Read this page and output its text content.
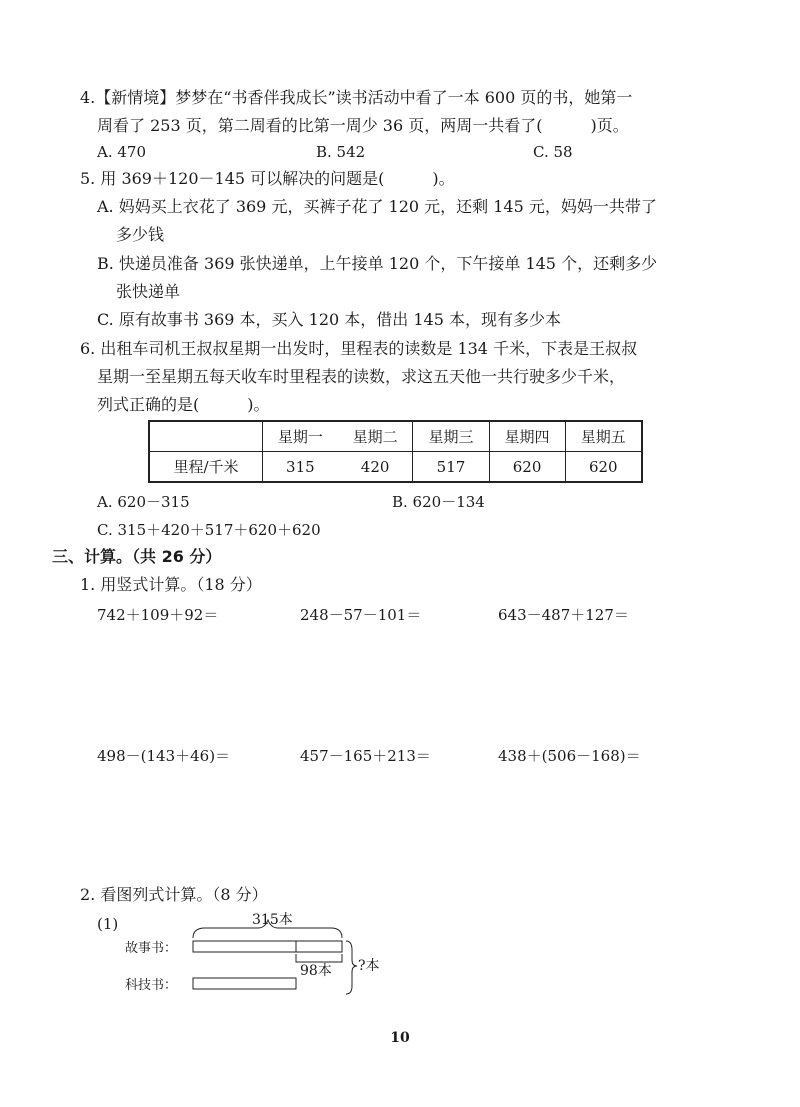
4.【新情境】梦梦在“书香伴我成长”读书活动中看了一本 600 页的书，她第一
周看了 253 页，第二周看的比第一周少 36 页，两周一共看了(　　　)页。
A. 470	B. 542	C. 58
5. 用 369＋120－145 可以解决的问题是(　　　)。
A. 妈妈买上衣花了 369 元，买裤子花了 120 元，还剩 145 元，妈妈一共带了
多少钱
B. 快递员准备 369 张快递单，上午接单 120 个，下午接单 145 个，还剩多少
张快递单
C. 原有故事书 369 本，买入 120 本，借出 145 本，现有多少本
6. 出租车司机王叔叔星期一出发时，里程表的读数是 134 千米，下表是王叔叔
星期一至星期五每天收车时里程表的读数，求这五天他一共行驶多少千米，
列式正确的是(　　　)。
	星期一	星期二	星期三	星期四	星期五
里程/千米	315	420	517	620	620
A. 620－315	B. 620－134
C. 315＋420＋517＋620＋620
三、计算。（共 26 分）
1. 用竖式计算。（18 分）
742＋109＋92＝	248－57－101＝	643－487＋127＝
498－(143＋46)＝	457－165＋213＝	438＋(506－168)＝
2. 看图列式计算。（8 分）
(1)	315本
故事书：
科技书：
98本 ?本
10
